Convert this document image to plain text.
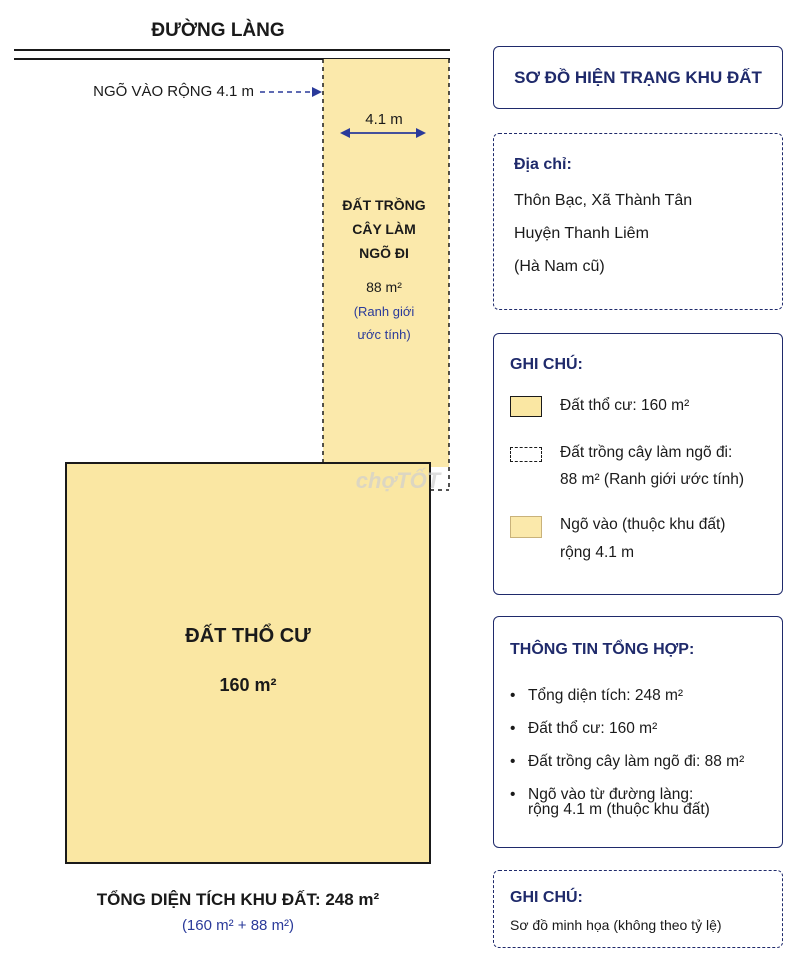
ĐƯỜNG LÀNG
NGÕ VÀO RỘNG 4.1 m
4.1 m
ĐẤT TRỒNG
CÂY LÀM
NGÕ ĐI
88 m²
(Ranh giới
ước tính)
chợTỐT
ĐẤT THỔ CƯ
160 m²
TỔNG DIỆN TÍCH KHU ĐẤT: 248 m²
(160 m² + 88 m²)
SƠ ĐỒ HIỆN TRẠNG KHU ĐẤT
Địa chỉ:
Thôn Bạc, Xã Thành Tân
Huyện Thanh Liêm
(Hà Nam cũ)
GHI CHÚ:
Đất thổ cư: 160 m²
Đất trồng cây làm ngõ đi:
88 m² (Ranh giới ước tính)
Ngõ vào (thuộc khu đất)
rộng 4.1 m
THÔNG TIN TỔNG HỢP:
• Tổng diện tích: 248 m²
• Đất thổ cư: 160 m²
• Đất trồng cây làm ngõ đi: 88 m²
• Ngõ vào từ đường làng:
rộng 4.1 m (thuộc khu đất)
GHI CHÚ:
Sơ đồ minh họa (không theo tỷ lệ)
